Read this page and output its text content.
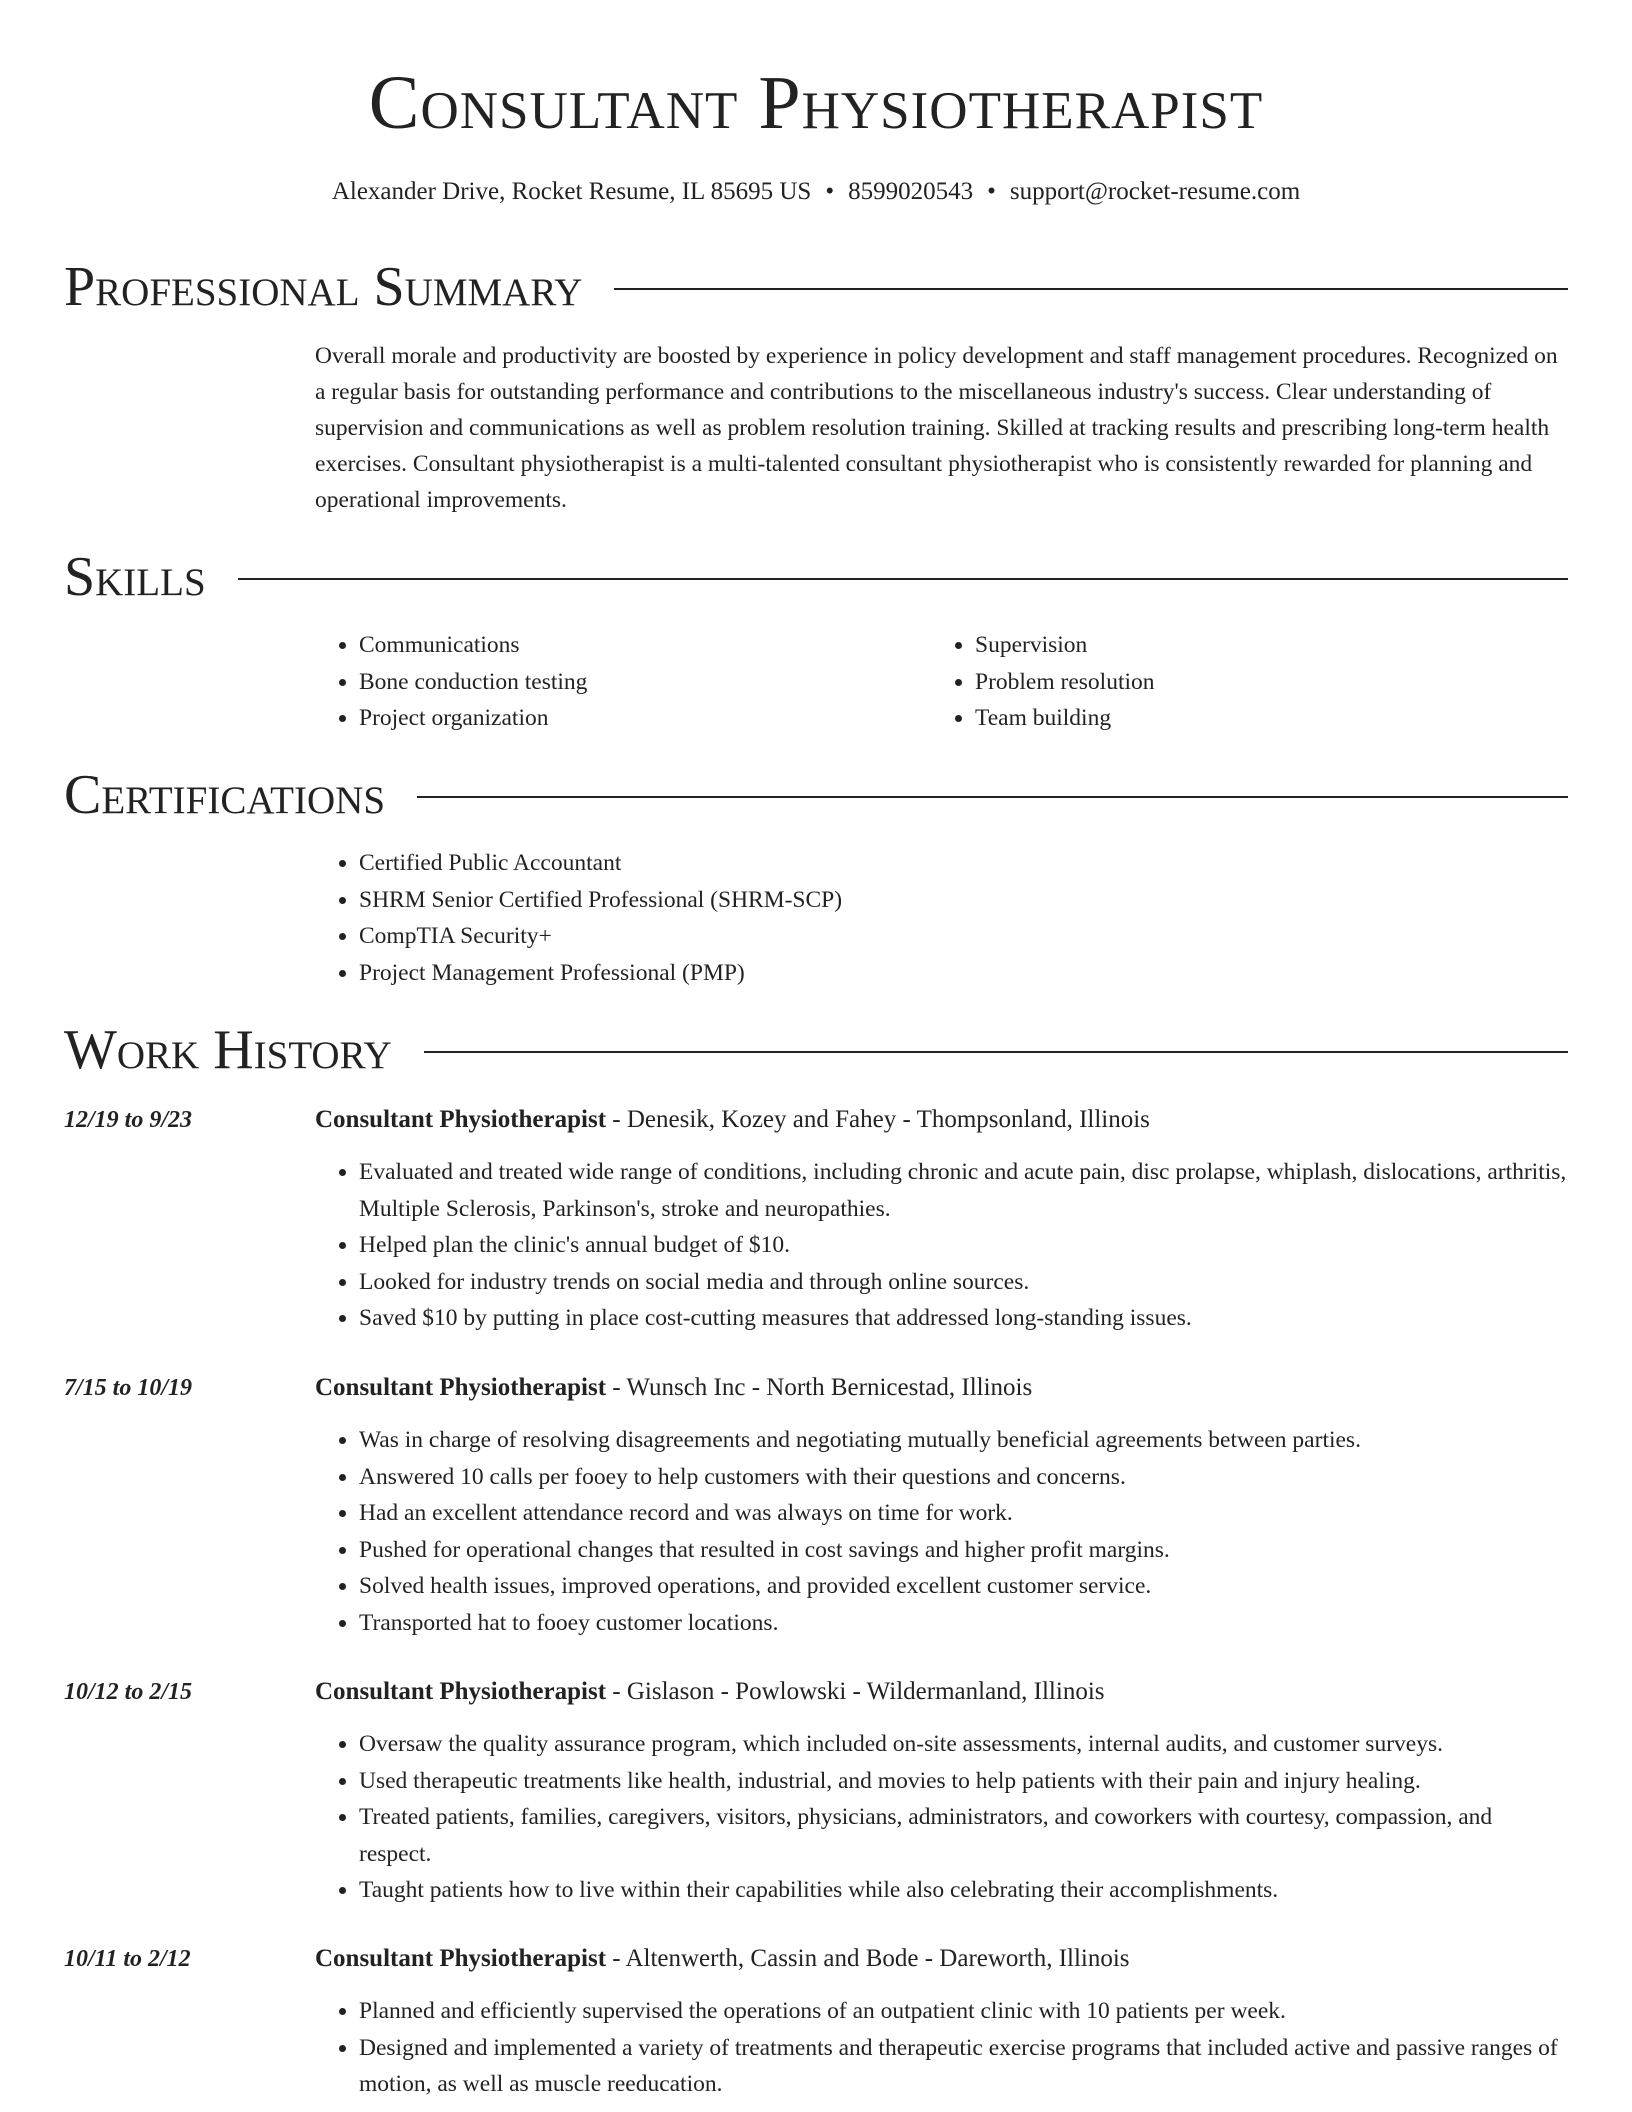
Consultant Physiotherapist
Alexander Drive, Rocket Resume, IL 85695 US • 8599020543 • support@rocket-resume.com
Professional Summary

Overall morale and productivity are boosted by experience in policy development and staff management procedures. Recognized on a regular basis for outstanding performance and contributions to the miscellaneous industry's success. Clear understanding of supervision and communications as well as problem resolution training. Skilled at tracking results and prescribing long-term health exercises. Consultant physiotherapist is a multi-talented consultant physiotherapist who is consistently rewarded for planning and operational improvements.

Skills
• Communications
• Bone conduction testing
• Project organization
• Supervision
• Problem resolution
• Team building
Certifications
• Certified Public Accountant
• SHRM Senior Certified Professional (SHRM-SCP)
• CompTIA Security+
• Project Management Professional (PMP)
Work History
12/19 to 9/23	Consultant Physiotherapist - Denesik, Kozey and Fahey - Thompsonland, Illinois
• Evaluated and treated wide range of conditions, including chronic and acute pain, disc prolapse, whiplash, dislocations, arthritis, Multiple Sclerosis, Parkinson's, stroke and neuropathies.
• Helped plan the clinic's annual budget of $10.
• Looked for industry trends on social media and through online sources.
• Saved $10 by putting in place cost-cutting measures that addressed long-standing issues.
7/15 to 10/19	Consultant Physiotherapist - Wunsch Inc - North Bernicestad, Illinois
• Was in charge of resolving disagreements and negotiating mutually beneficial agreements between parties.
• Answered 10 calls per fooey to help customers with their questions and concerns.
• Had an excellent attendance record and was always on time for work.
• Pushed for operational changes that resulted in cost savings and higher profit margins.
• Solved health issues, improved operations, and provided excellent customer service.
• Transported hat to fooey customer locations.
10/12 to 2/15	Consultant Physiotherapist - Gislason - Powlowski - Wildermanland, Illinois
• Oversaw the quality assurance program, which included on-site assessments, internal audits, and customer surveys.
• Used therapeutic treatments like health, industrial, and movies to help patients with their pain and injury healing.
• Treated patients, families, caregivers, visitors, physicians, administrators, and coworkers with courtesy, compassion, and respect.
• Taught patients how to live within their capabilities while also celebrating their accomplishments.
10/11 to 2/12	Consultant Physiotherapist - Altenwerth, Cassin and Bode - Dareworth, Illinois
• Planned and efficiently supervised the operations of an outpatient clinic with 10 patients per week.
• Designed and implemented a variety of treatments and therapeutic exercise programs that included active and passive ranges of motion, as well as muscle reeducation.
